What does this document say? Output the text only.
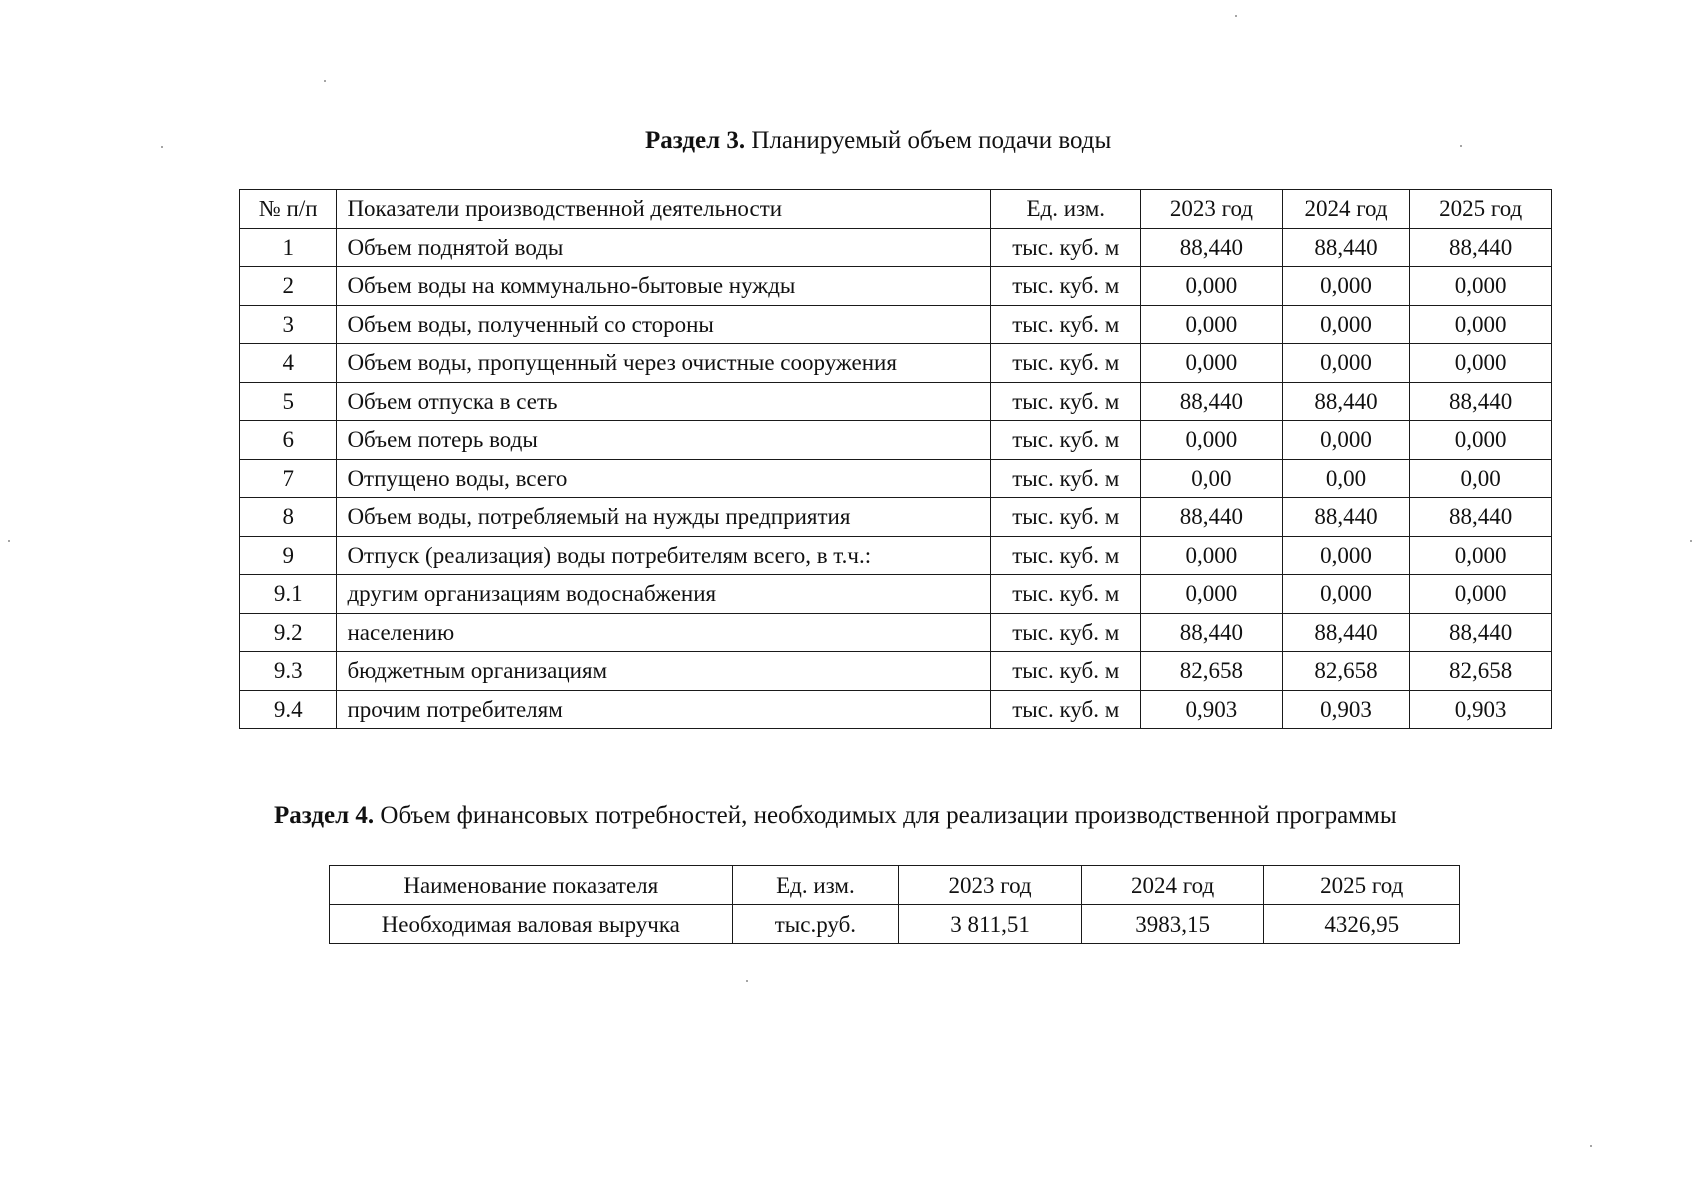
Раздел 3. Планируемый объем подачи воды
№ п/п	Показатели производственной деятельности	Ед. изм.	2023 год	2024 год	2025 год
1	Объем поднятой воды	тыс. куб. м	88,440	88,440	88,440
2	Объем воды на коммунально-бытовые нужды	тыс. куб. м	0,000	0,000	0,000
3	Объем воды, полученный со стороны	тыс. куб. м	0,000	0,000	0,000
4	Объем воды, пропущенный через очистные сооружения	тыс. куб. м	0,000	0,000	0,000
5	Объем отпуска в сеть	тыс. куб. м	88,440	88,440	88,440
6	Объем потерь воды	тыс. куб. м	0,000	0,000	0,000
7	Отпущено воды, всего	тыс. куб. м	0,00	0,00	0,00
8	Объем воды, потребляемый на нужды предприятия	тыс. куб. м	88,440	88,440	88,440
9	Отпуск (реализация) воды потребителям всего, в т.ч.:	тыс. куб. м	0,000	0,000	0,000
9.1	другим организациям водоснабжения	тыс. куб. м	0,000	0,000	0,000
9.2	населению	тыс. куб. м	88,440	88,440	88,440
9.3	бюджетным организациям	тыс. куб. м	82,658	82,658	82,658
9.4	прочим потребителям	тыс. куб. м	0,903	0,903	0,903
Раздел 4. Объем финансовых потребностей, необходимых для реализации производственной программы
Наименование показателя	Ед. изм.	2023 год	2024 год	2025 год
Необходимая валовая выручка	тыс.руб.	3 811,51	3983,15	4326,95
